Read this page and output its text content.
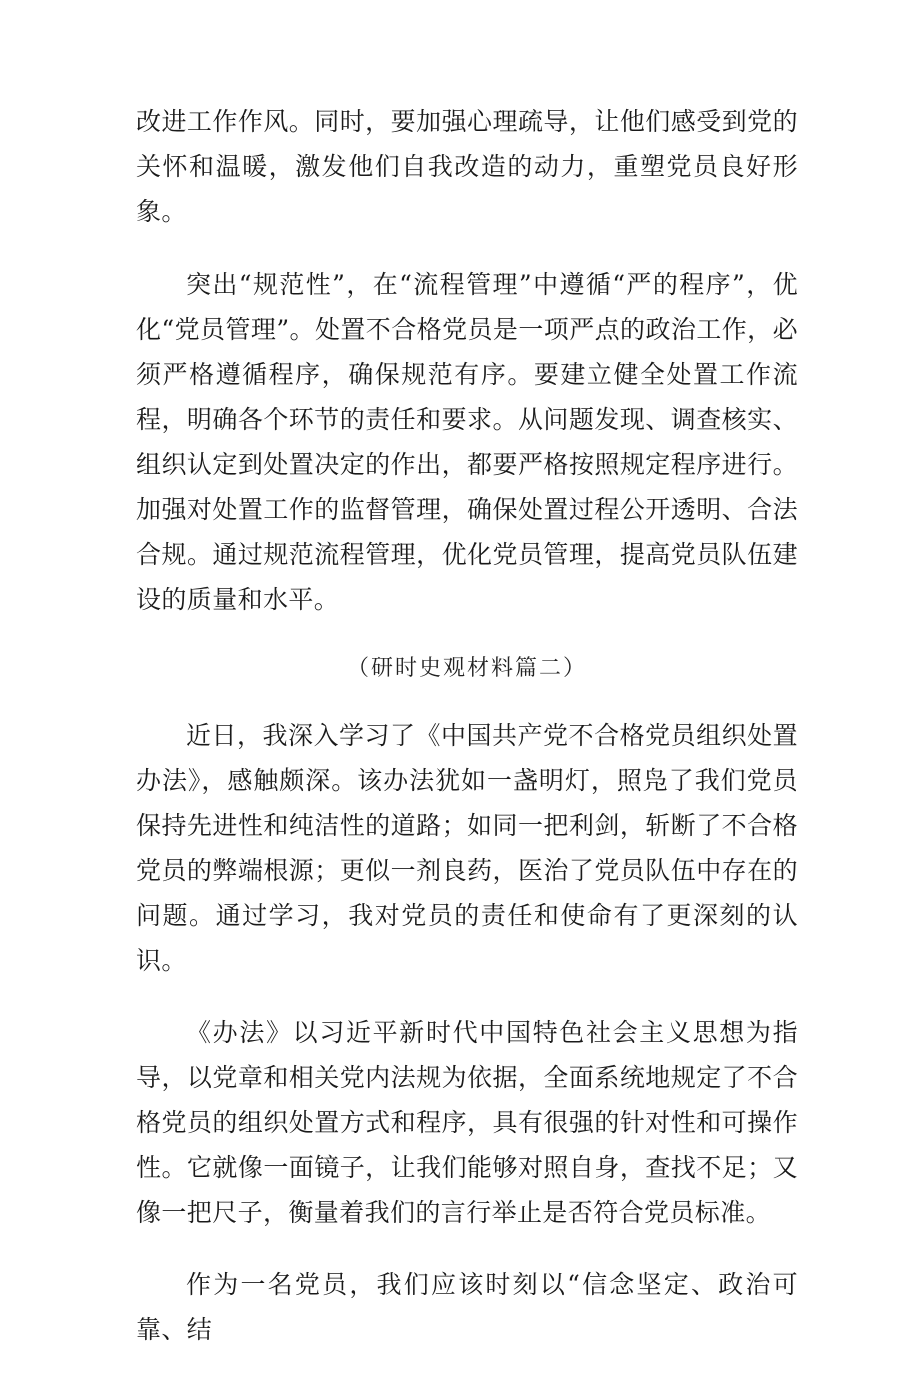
改进工作作风。同时，要加强心理疏导，让他们感受到党的关怀和温暖，激发他们自我改造的动力，重塑党员良好形象。

突出“规范性”，在“流程管理”中遵循“严的程序”，优化“党员管理”。处置不合格党员是一项严点的政治工作，必须严格遵循程序，确保规范有序。要建立健全处置工作流程，明确各个环节的责任和要求。从问题发现、调查核实、组织认定到处置决定的作出，都要严格按照规定程序进行。加强对处置工作的监督管理，确保处置过程公开透明、合法合规。通过规范流程管理，优化党员管理，提高党员队伍建设的质量和水平。

（研时史观材料篇二）

近日，我深入学习了《中国共产党不合格党员组织处置办法》，感触颇深。该办法犹如一盏明灯，照凫了我们党员保持先进性和纯洁性的道路；如同一把利剑，斩断了不合格党员的弊端根源；更似一剂良药，医治了党员队伍中存在的问题。通过学习，我对党员的责任和使命有了更深刻的认识。

《办法》以习近平新时代中国特色社会主义思想为指导，以党章和相关党内法规为依据，全面系统地规定了不合格党员的组织处置方式和程序，具有很强的针对性和可操作性。它就像一面镜子，让我们能够对照自身，查找不足；又像一把尺子，衡量着我们的言行举止是否符合党员标准。

作为一名党员，我们应该时刻以“信念坚定、政治可靠、结
